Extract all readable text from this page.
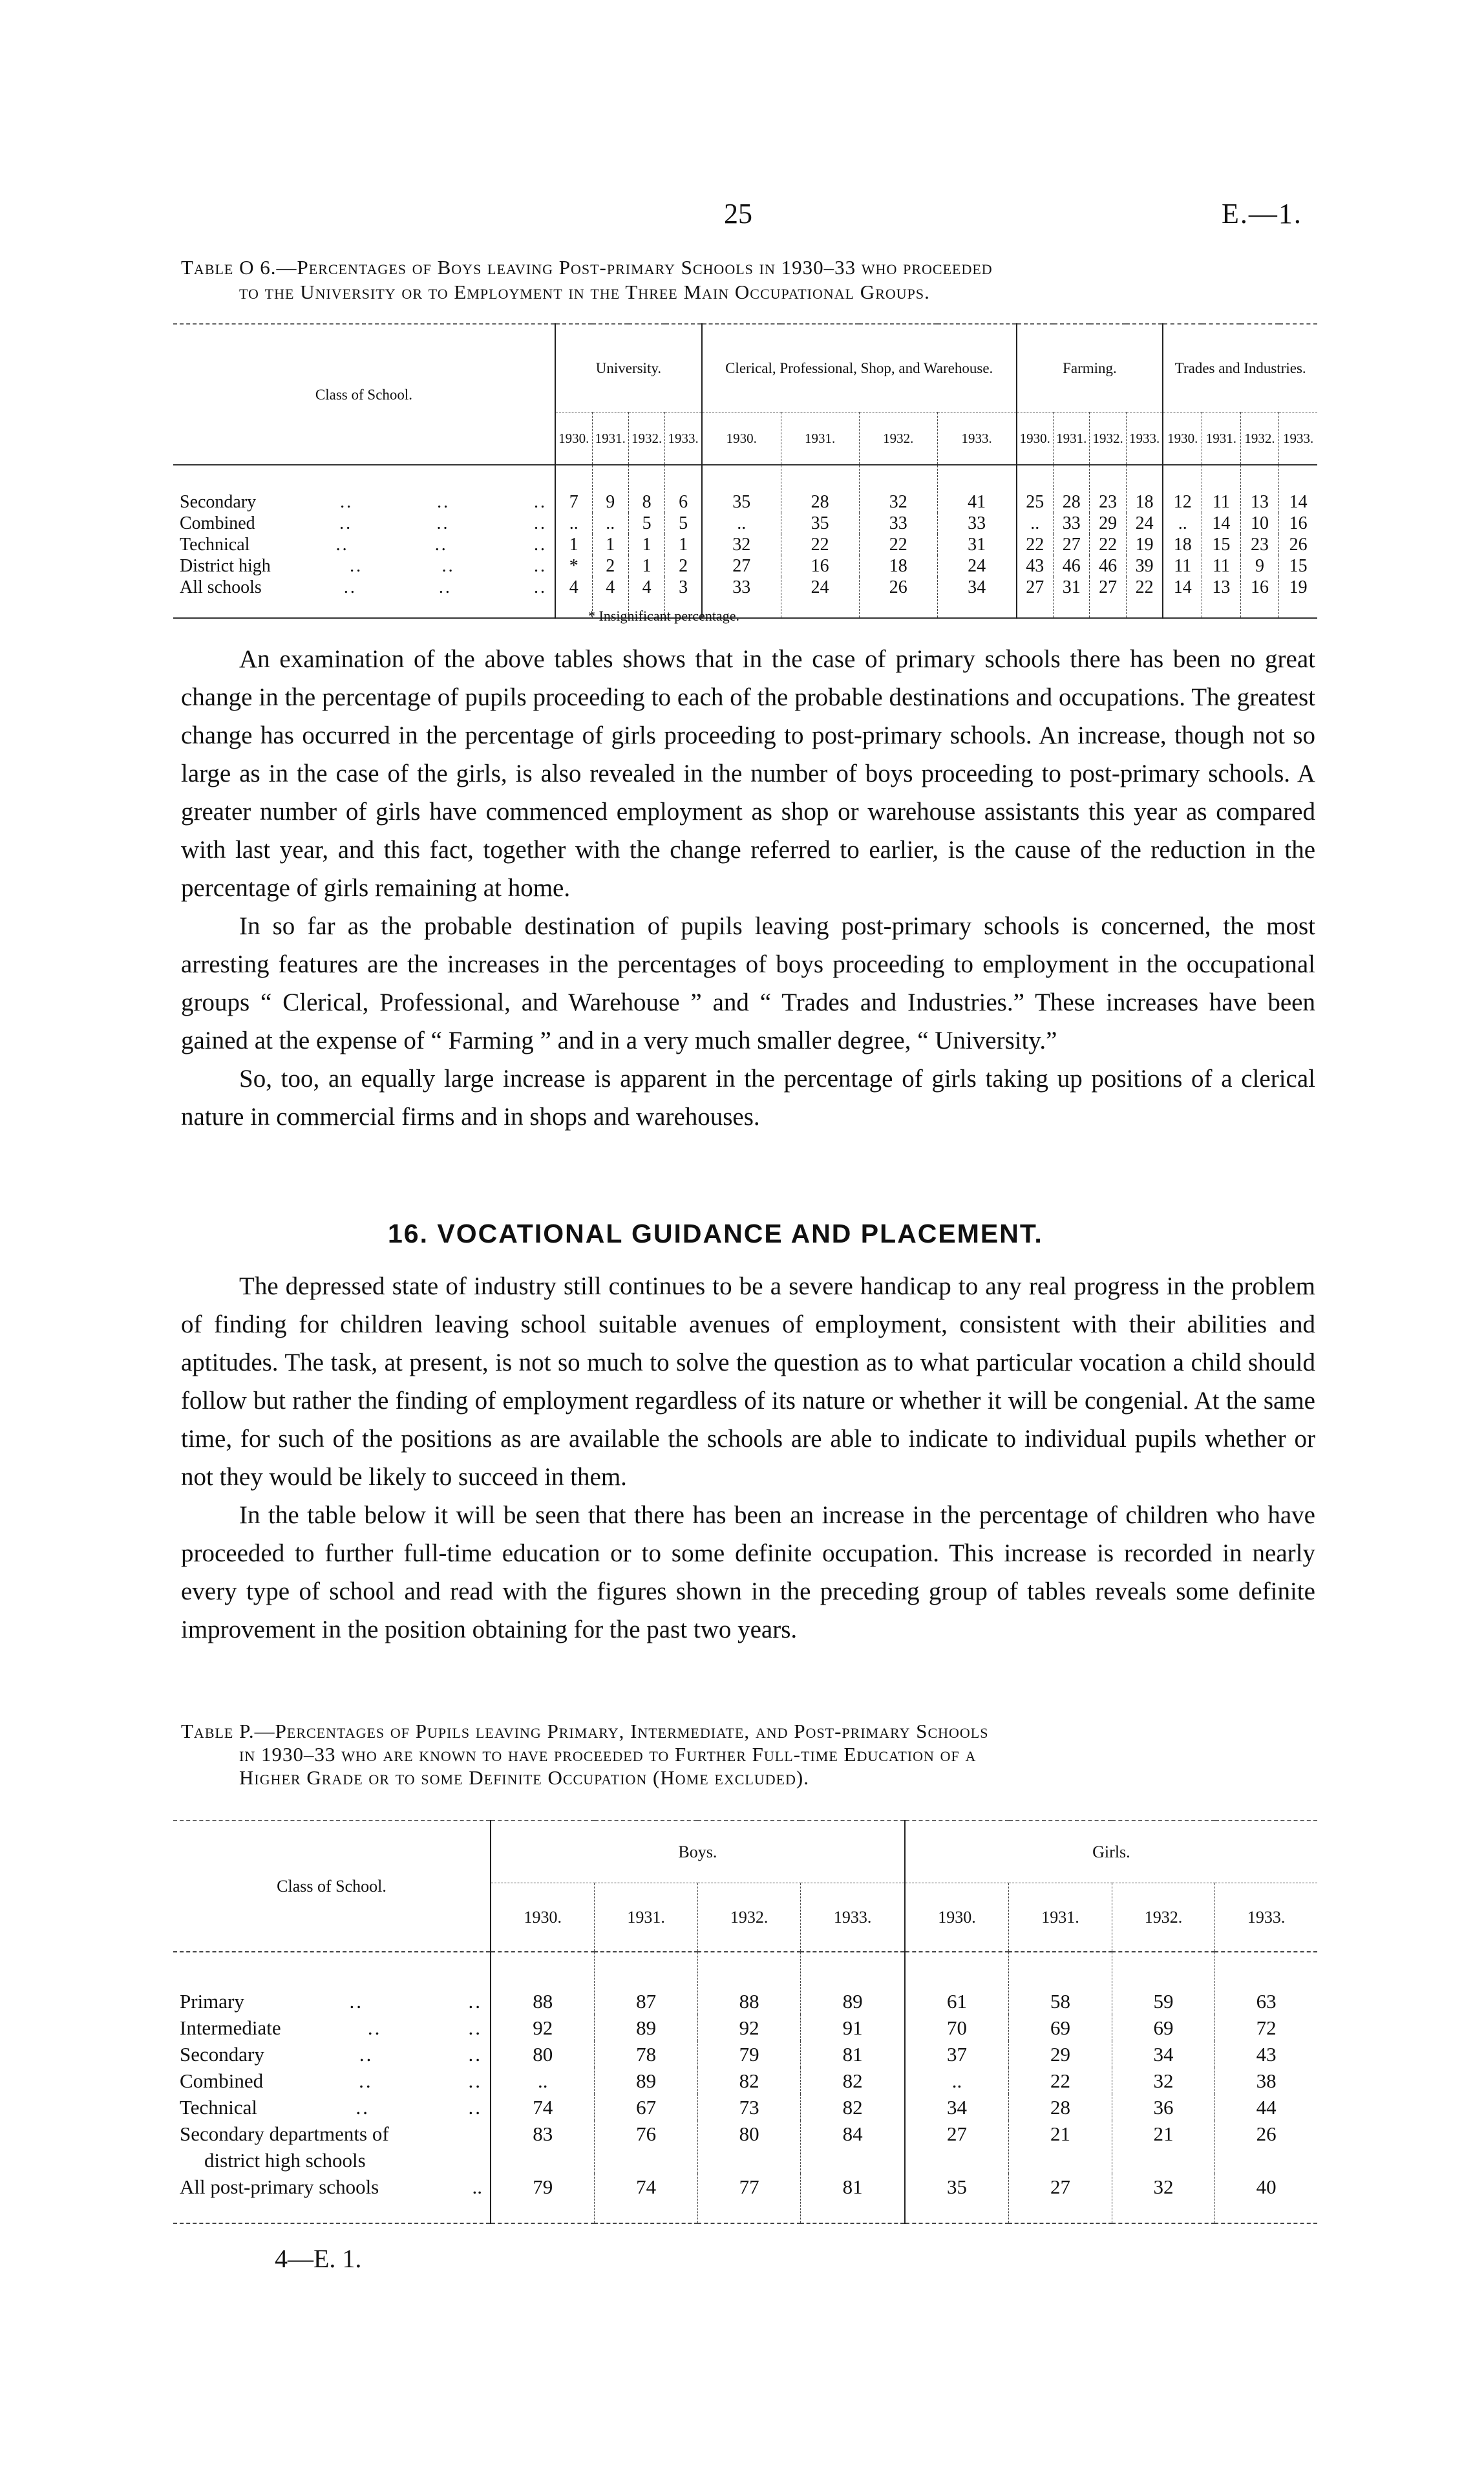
25	E.—1.
Table O 6.—Percentages of Boys leaving Post-primary Schools in 1930–33 who proceeded
to the University or to Employment in the Three Main Occupational Groups.
Class of School.	University.				Clerical, Professional, Shop, and Warehouse.				Farming.				Trades and Industries.			
	1930.	1931.	1932.	1933.	1930.	1931.	1932.	1933.	1930.	1931.	1932.	1933.	1930.	1931.	1932.	1933.

Secondary .. .. ..	7	9	8	6	35	28	32	41	25	28	23	18	12	11	13	14

Combined .. .. ..	..	..	5	5	..	35	33	33	..	33	29	24	..	14	10	16

Technical .. .. ..	1	1	1	1	32	22	22	31	22	27	22	19	18	15	23	26

District high .. .. ..	*	2	1	2	27	16	18	24	43	46	46	39	11	11	9	15

All schools .. .. ..	4	4	4	3	33	24	26	34	27	31	27	22	14	13	16	19
* Insignificant percentage.

An examination of the above tables shows that in the case of primary schools there has been no great change in the percentage of pupils proceeding to each of the probable destinations and occupations. The greatest change has occurred in the percentage of girls proceeding to post-primary schools. An increase, though not so large as in the case of the girls, is also revealed in the number of boys proceeding to post-primary schools. A greater number of girls have commenced employment as shop or warehouse assistants this year as compared with last year, and this fact, together with the change referred to earlier, is the cause of the reduction in the percentage of girls remaining at home.

In so far as the probable destination of pupils leaving post-primary schools is concerned, the most arresting features are the increases in the percentages of boys proceeding to employment in the occupational groups “ Clerical, Professional, and Warehouse ” and “ Trades and Industries.” These increases have been gained at the expense of “ Farming ” and in a very much smaller degree, “ University.”

So, too, an equally large increase is apparent in the percentage of girls taking up positions of a clerical nature in commercial firms and in shops and warehouses.

16. VOCATIONAL GUIDANCE AND PLACEMENT.

The depressed state of industry still continues to be a severe handicap to any real progress in the problem of finding for children leaving school suitable avenues of employment, consistent with their abilities and aptitudes. The task, at present, is not so much to solve the question as to what particular vocation a child should follow but rather the finding of employment regardless of its nature or whether it will be congenial. At the same time, for such of the positions as are available the schools are able to indicate to individual pupils whether or not they would be likely to succeed in them.

In the table below it will be seen that there has been an increase in the percentage of children who have proceeded to further full-time education or to some definite occupation. This increase is recorded in nearly every type of school and read with the figures shown in the preceding group of tables reveals some definite improvement in the position obtaining for the past two years.

Table P.—Percentages of Pupils leaving Primary, Intermediate, and Post-primary Schools
in 1930–33 who are known to have proceeded to Further Full-time Education of a
Higher Grade or to some Definite Occupation (Home excluded).
Class of School.	Boys.				Girls.			
	1930.	1931.	1932.	1933.	1930.	1931.	1932.	1933.

Primary .. ..	88	87	88	89	61	58	59	63

Intermediate .. ..	92	89	92	91	70	69	69	72

Secondary .. ..	80	78	79	81	37	29	34	43

Combined .. ..	..	89	82	82	..	22	32	38

Technical .. ..	74	67	73	82	34	28	36	44

Secondary departments of
district high schools	83	76	80	84	27	21	21	26

All post-primary schools ..	79	74	77	81	35	27	32	40
4—E. 1.
